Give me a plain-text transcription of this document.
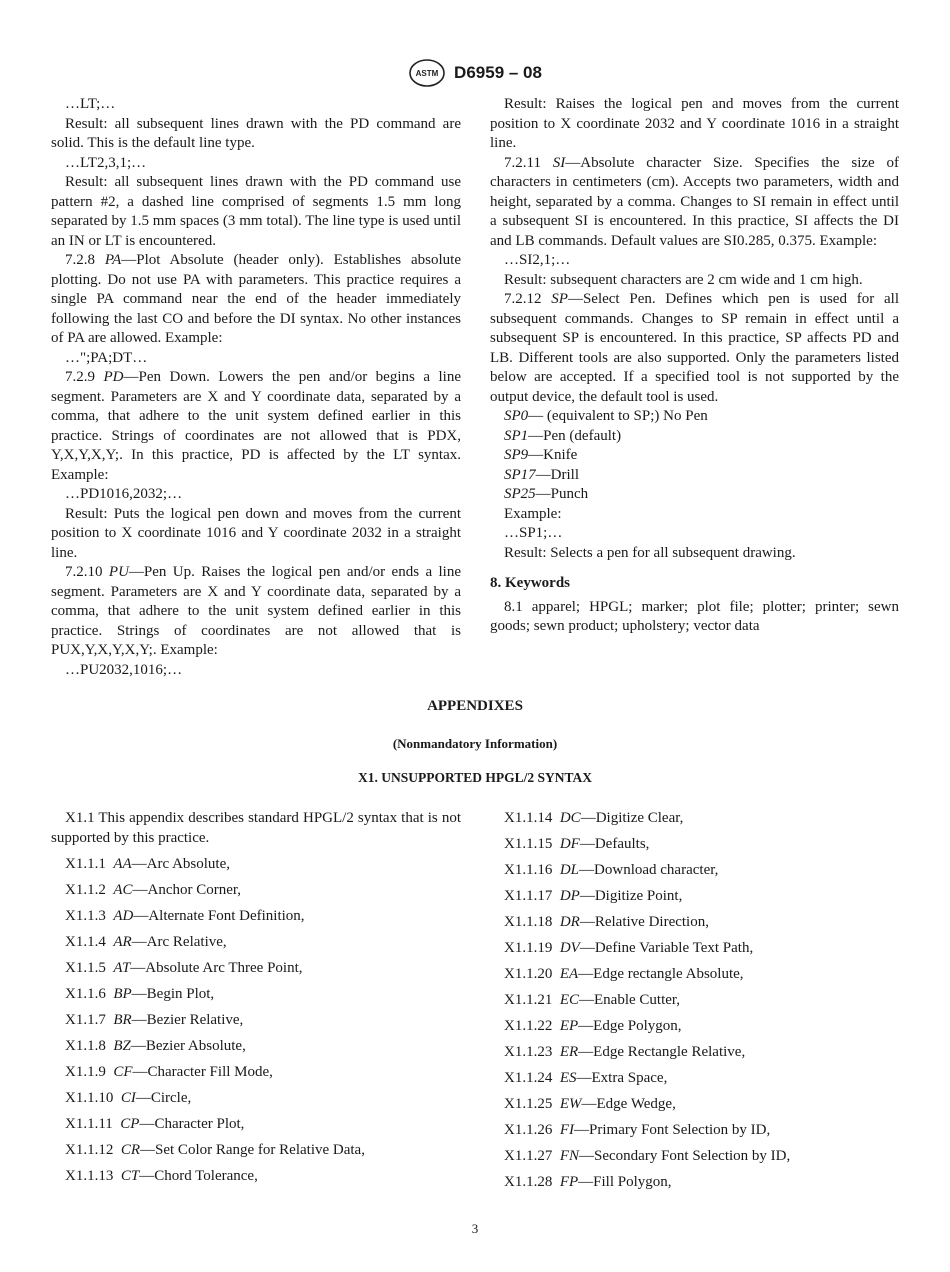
ASTM D6959 – 08

…LT;…

Result: all subsequent lines drawn with the PD command are solid. This is the default line type.

…LT2,3,1;…

Result: all subsequent lines drawn with the PD command use pattern #2, a dashed line comprised of segments 1.5 mm long separated by 1.5 mm spaces (3 mm total). The line type is used until an IN or LT is encountered.

7.2.8 PA—Plot Absolute (header only). Establishes absolute plotting. Do not use PA with parameters. This practice requires a single PA command near the end of the header immediately following the last CO and before the DI syntax. No other instances of PA are allowed. Example:

…";PA;DT…

7.2.9 PD—Pen Down. Lowers the pen and/or begins a line segment. Parameters are X and Y coordinate data, separated by a comma, that adhere to the unit system defined earlier in this practice. Strings of coordinates are not allowed that is PDX, Y,X,Y,X,Y;. In this practice, PD is affected by the LT syntax. Example:

…PD1016,2032;…

Result: Puts the logical pen down and moves from the current position to X coordinate 1016 and Y coordinate 2032 in a straight line.

7.2.10 PU—Pen Up. Raises the logical pen and/or ends a line segment. Parameters are X and Y coordinate data, separated by a comma, that adhere to the unit system defined earlier in this practice. Strings of coordinates are not allowed that is PUX,Y,X,Y,X,Y;. Example:

…PU2032,1016;…

Result: Raises the logical pen and moves from the current position to X coordinate 2032 and Y coordinate 1016 in a straight line.

7.2.11 SI—Absolute character Size. Specifies the size of characters in centimeters (cm). Accepts two parameters, width and height, separated by a comma. Changes to SI remain in effect until a subsequent SI is encountered. In this practice, SI affects the DI and LB commands. Default values are SI0.285, 0.375. Example:

…SI2,1;…

Result: subsequent characters are 2 cm wide and 1 cm high.

7.2.12 SP—Select Pen. Defines which pen is used for all subsequent commands. Changes to SP remain in effect until a subsequent SP is encountered. In this practice, SP affects PD and LB. Different tools are also supported. Only the parameters listed below are accepted. If a specified tool is not supported by the output device, the default tool is used.

SP0— (equivalent to SP;) No Pen

SP1—Pen (default)

SP9—Knife

SP17—Drill

SP25—Punch

Example:

…SP1;…

Result: Selects a pen for all subsequent drawing.

8. Keywords

8.1 apparel; HPGL; marker; plot file; plotter; printer; sewn goods; sewn product; upholstery; vector data

APPENDIXES
(Nonmandatory Information)
X1. UNSUPPORTED HPGL/2 SYNTAX

X1.1 This appendix describes standard HPGL/2 syntax that is not supported by this practice.

X1.1.1 AA—Arc Absolute,

X1.1.2 AC—Anchor Corner,

X1.1.3 AD—Alternate Font Definition,

X1.1.4 AR—Arc Relative,

X1.1.5 AT—Absolute Arc Three Point,

X1.1.6 BP—Begin Plot,

X1.1.7 BR—Bezier Relative,

X1.1.8 BZ—Bezier Absolute,

X1.1.9 CF—Character Fill Mode,

X1.1.10 CI—Circle,

X1.1.11 CP—Character Plot,

X1.1.12 CR—Set Color Range for Relative Data,

X1.1.13 CT—Chord Tolerance,

X1.1.14 DC—Digitize Clear,

X1.1.15 DF—Defaults,

X1.1.16 DL—Download character,

X1.1.17 DP—Digitize Point,

X1.1.18 DR—Relative Direction,

X1.1.19 DV—Define Variable Text Path,

X1.1.20 EA—Edge rectangle Absolute,

X1.1.21 EC—Enable Cutter,

X1.1.22 EP—Edge Polygon,

X1.1.23 ER—Edge Rectangle Relative,

X1.1.24 ES—Extra Space,

X1.1.25 EW—Edge Wedge,

X1.1.26 FI—Primary Font Selection by ID,

X1.1.27 FN—Secondary Font Selection by ID,

X1.1.28 FP—Fill Polygon,

3
